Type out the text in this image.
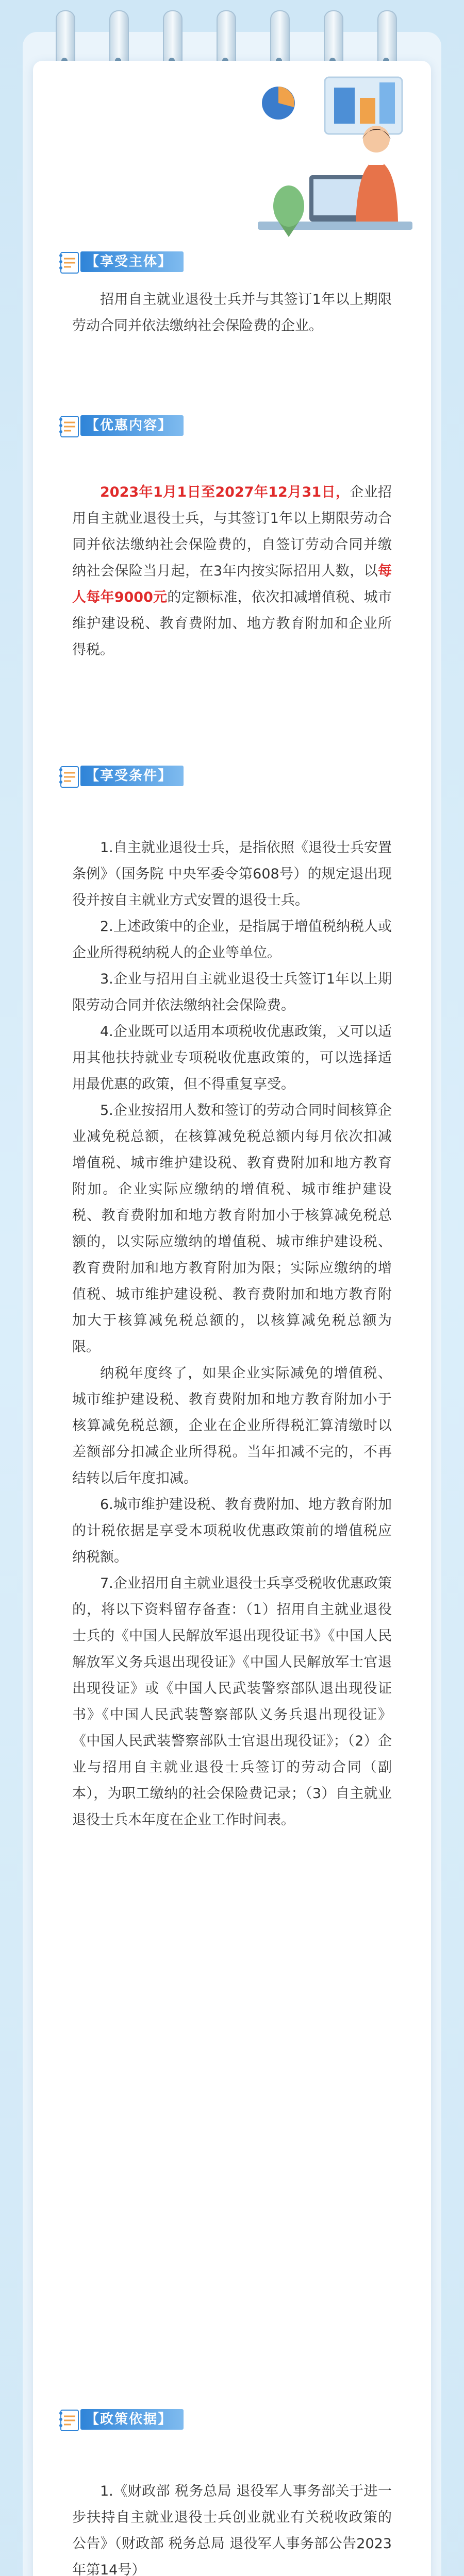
【享受主体】

招用自主就业退役士兵并与其签订1年以上期限劳动合同并依法缴纳社会保险费的企业。

【优惠内容】

2023年1月1日至2027年12月31日，企业招用自主就业退役士兵，与其签订1年以上期限劳动合同并依法缴纳社会保险费的，自签订劳动合同并缴纳社会保险当月起，在3年内按实际招用人数，以每人每年9000元的定额标准，依次扣减增值税、城市维护建设税、教育费附加、地方教育附加和企业所得税。

【享受条件】

1.自主就业退役士兵，是指依照《退役士兵安置条例》（国务院 中央军委令第608号）的规定退出现役并按自主就业方式安置的退役士兵。

2.上述政策中的企业，是指属于增值税纳税人或企业所得税纳税人的企业等单位。

3.企业与招用自主就业退役士兵签订1年以上期限劳动合同并依法缴纳社会保险费。

4.企业既可以适用本项税收优惠政策，又可以适用其他扶持就业专项税收优惠政策的，可以选择适用最优惠的政策，但不得重复享受。

5.企业按招用人数和签订的劳动合同时间核算企业减免税总额，在核算减免税总额内每月依次扣减增值税、城市维护建设税、教育费附加和地方教育附加。企业实际应缴纳的增值税、城市维护建设税、教育费附加和地方教育附加小于核算减免税总额的，以实际应缴纳的增值税、城市维护建设税、教育费附加和地方教育附加为限；实际应缴纳的增值税、城市维护建设税、教育费附加和地方教育附加大于核算减免税总额的，以核算减免税总额为限。

纳税年度终了，如果企业实际减免的增值税、城市维护建设税、教育费附加和地方教育附加小于核算减免税总额，企业在企业所得税汇算清缴时以差额部分扣减企业所得税。当年扣减不完的，不再结转以后年度扣减。

6.城市维护建设税、教育费附加、地方教育附加的计税依据是享受本项税收优惠政策前的增值税应纳税额。

7.企业招用自主就业退役士兵享受税收优惠政策的，将以下资料留存备查：（1）招用自主就业退役士兵的《中国人民解放军退出现役证书》《中国人民解放军义务兵退出现役证》《中国人民解放军士官退出现役证》或《中国人民武装警察部队退出现役证书》《中国人民武装警察部队义务兵退出现役证》《中国人民武装警察部队士官退出现役证》；（2）企业与招用自主就业退役士兵签订的劳动合同（副本），为职工缴纳的社会保险费记录；（3）自主就业退役士兵本年度在企业工作时间表。

【政策依据】

1.《财政部 税务总局 退役军人事务部关于进一步扶持自主就业退役士兵创业就业有关税收政策的公告》（财政部 税务总局 退役军人事务部公告2023年第14号）
